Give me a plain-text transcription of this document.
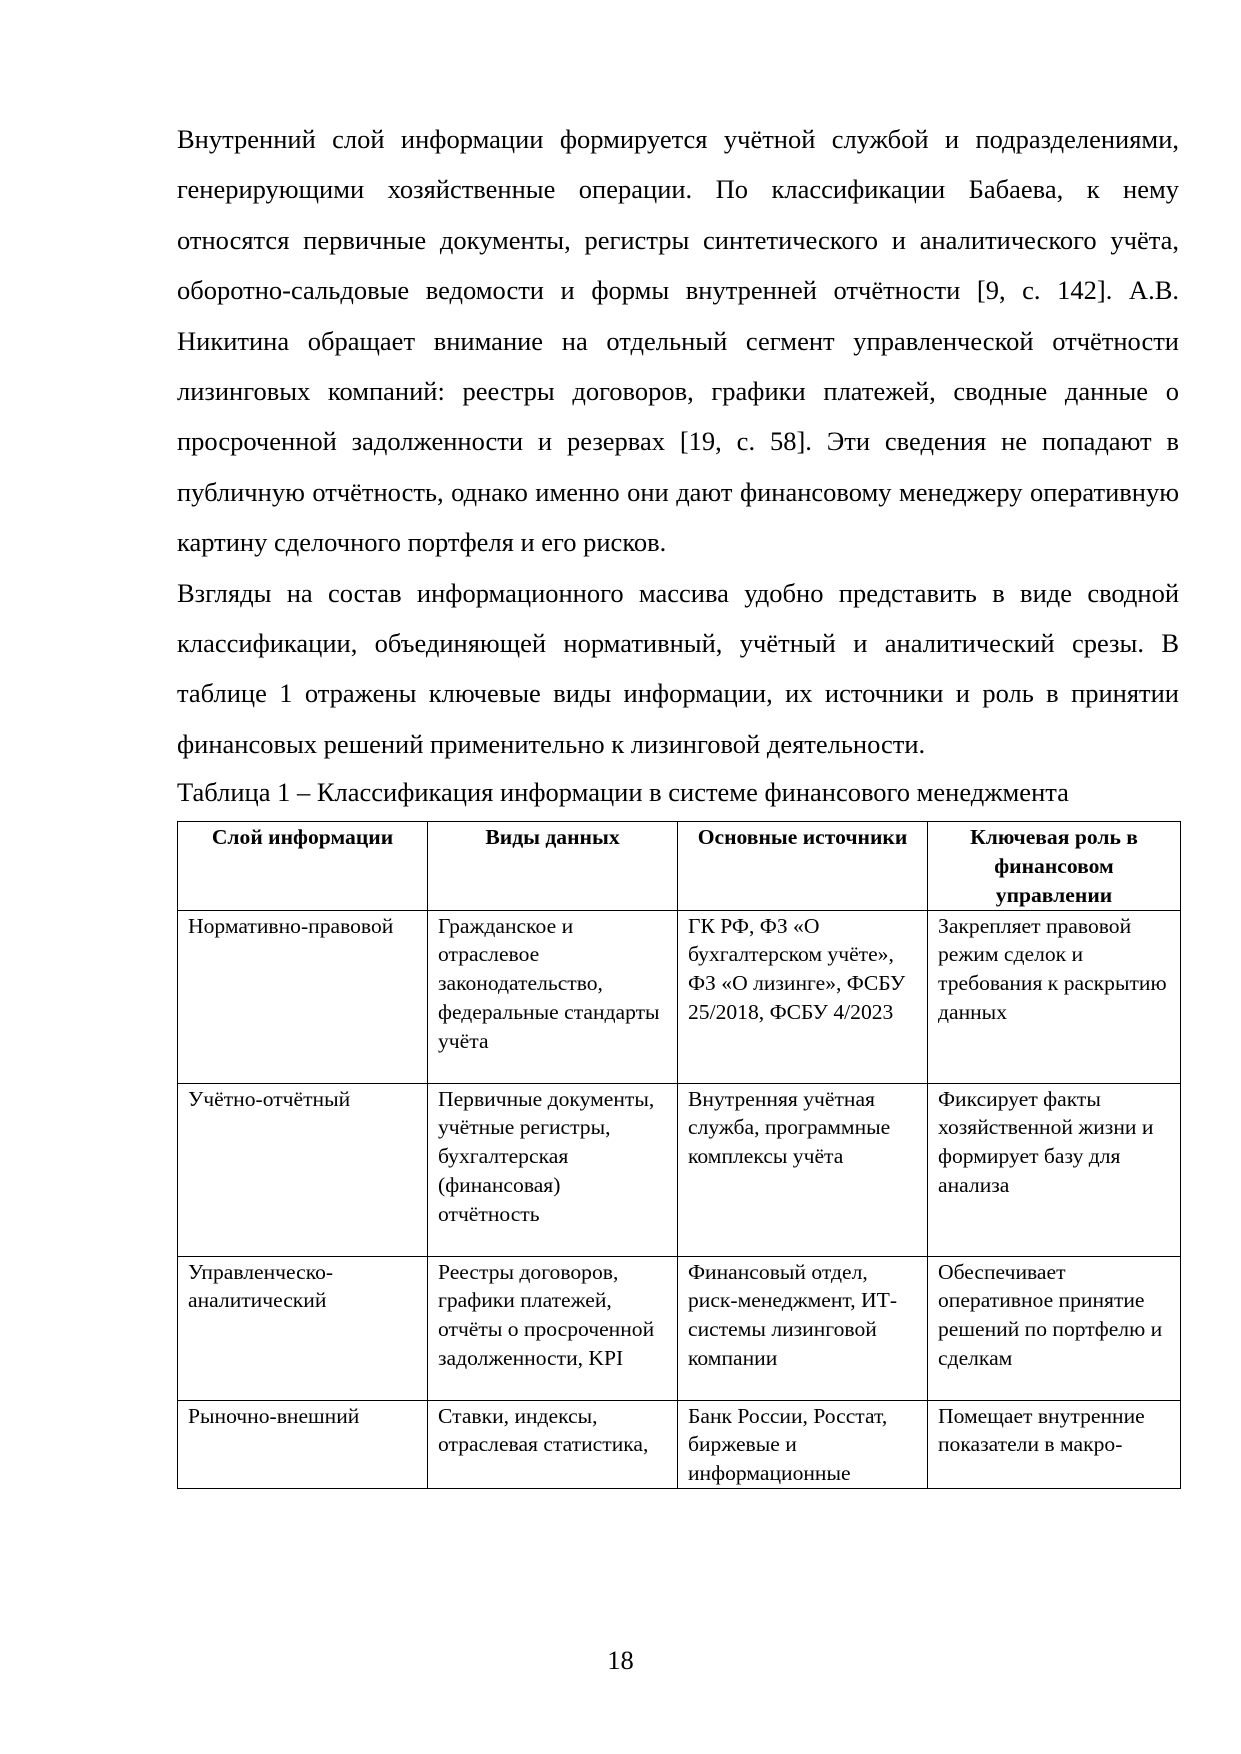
Внутренний слой информации формируется учётной службой и подразделениями, генерирующими хозяйственные операции. По классификации Бабаева, к нему относятся первичные документы, регистры синтетического и аналитического учёта, оборотно-сальдовые ведомости и формы внутренней отчётности [9, с. 142]. А.В. Никитина обращает внимание на отдельный сегмент управленческой отчётности лизинговых компаний: реестры договоров, графики платежей, сводные данные о просроченной задолженности и резервах [19, с. 58]. Эти сведения не попадают в публичную отчётность, однако именно они дают финансовому менеджеру оперативную картину сделочного портфеля и его рисков.

Взгляды на состав информационного массива удобно представить в виде сводной классификации, объединяющей нормативный, учётный и аналитический срезы. В таблице 1 отражены ключевые виды информации, их источники и роль в принятии финансовых решений применительно к лизинговой деятельности.

Таблица 1 – Классификация информации в системе финансового менеджмента

Слой информации	Виды данных	Основные источники	Ключевая роль в финансовом управлении
Нормативно-правовой	Гражданское и отраслевое законодательство, федеральные стандарты учёта	ГК РФ, ФЗ «О бухгалтерском учёте», ФЗ «О лизинге», ФСБУ 25/2018, ФСБУ 4/2023	Закрепляет правовой режим сделок и требования к раскрытию данных
Учётно-отчётный	Первичные документы, учётные регистры, бухгалтерская (финансовая) отчётность	Внутренняя учётная служба, программные комплексы учёта	Фиксирует факты хозяйственной жизни и формирует базу для анализа
Управленческо-аналитический	Реестры договоров, графики платежей, отчёты о просроченной задолженности, KPI	Финансовый отдел, риск-менеджмент, ИТ-системы лизинговой компании	Обеспечивает оперативное принятие решений по портфелю и сделкам
Рыночно-внешний	Ставки, индексы, отраслевая статистика,	Банк России, Росстат, биржевые и информационные	Помещает внутренние показатели в макро-
18
